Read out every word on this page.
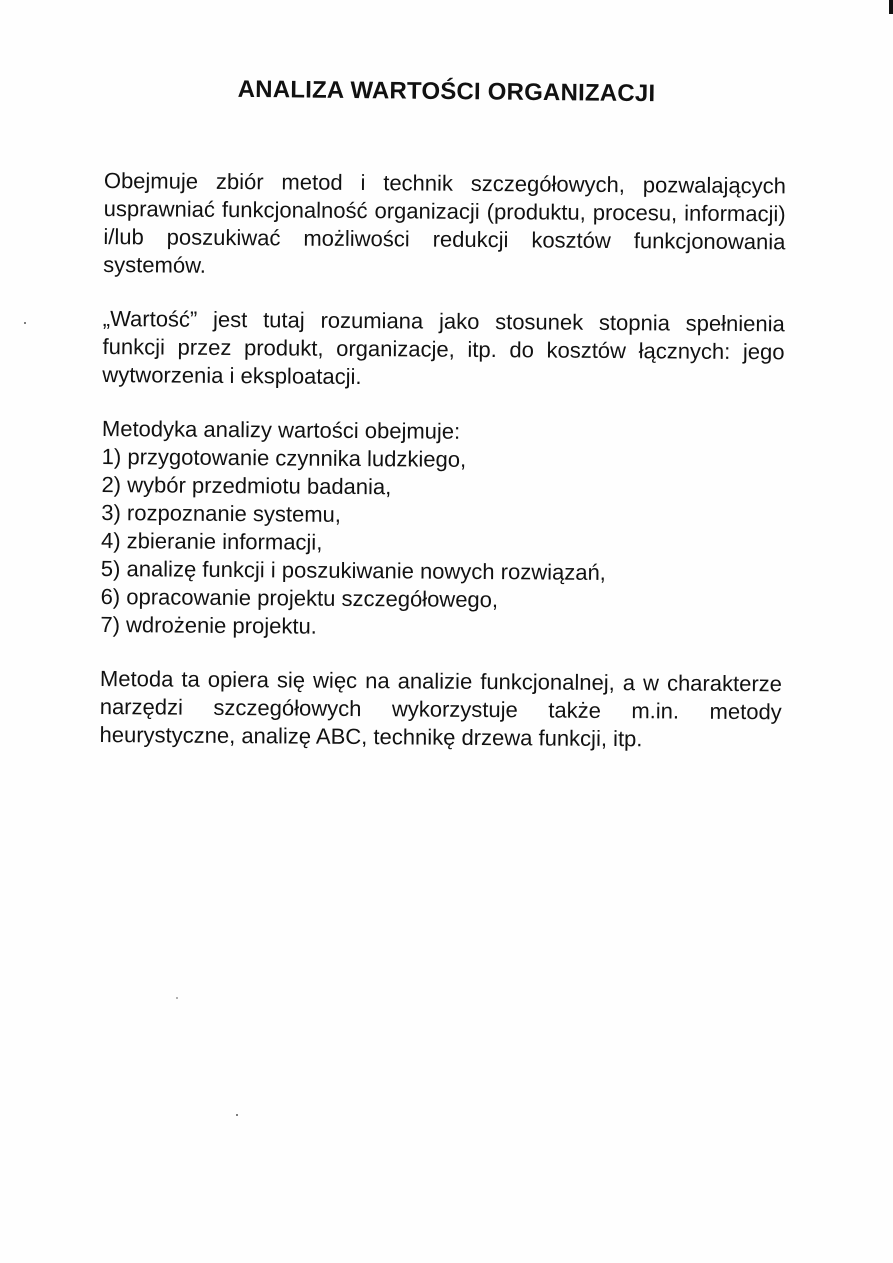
ANALIZA WARTOŚCI ORGANIZACJI

Obejmuje zbiór metod i technik szczegółowych, pozwalających usprawniać funkcjonalność organizacji (produktu, procesu, informacji) i/lub poszukiwać możliwości redukcji kosztów funkcjonowania systemów.

„Wartość” jest tutaj rozumiana jako stosunek stopnia spełnienia funkcji przez produkt, organizacje, itp. do kosztów łącznych: jego wytworzenia i eksploatacji.

Metodyka analizy wartości obejmuje:

1) przygotowanie czynnika ludzkiego,
2) wybór przedmiotu badania,
3) rozpoznanie systemu,
4) zbieranie informacji,
5) analizę funkcji i poszukiwanie nowych rozwiązań,
6) opracowanie projektu szczegółowego,
7) wdrożenie projektu.

Metoda ta opiera się więc na analizie funkcjonalnej, a w charakterze narzędzi szczegółowych wykorzystuje także m.in. metody heurystyczne, analizę ABC, technikę drzewa funkcji, itp.
